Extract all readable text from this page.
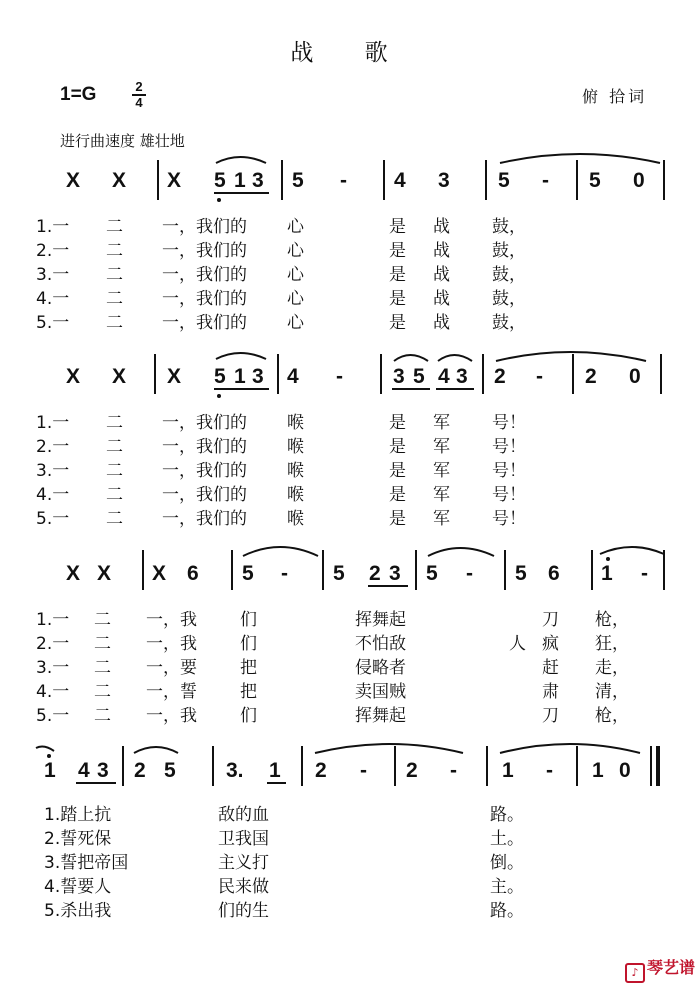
战 歌
1=G	2
4	俯 拾词
进行曲速度 雄壮地
X X X 5 1 3 5 - 4 3 5 - 5 0
1.一 二 一，我们的 心	是 战 鼓，
2.一 二 一，我们的 心	是 战 鼓，
3.一 二 一，我们的 心	是 战 鼓，
4.一 二 一，我们的 心	是 战 鼓，
5.一 二 一，我们的 心	是 战 鼓，
X X X 5 1 3 4 - 3 5 4 3 2 - 2 0
1.一 二 一，我们的 喉	是 军 号！
2.一 二 一，我们的 喉	是 军 号！
3.一 二 一，我们的 喉	是 军 号！
4.一 二 一，我们的 喉	是 军 号！
5.一 二 一，我们的 喉	是 军 号！
X X X 6 5 - 5 2 3 5 - 5 6 1 -
1.一 二 一，我	们	挥舞起	刀 枪，
2.一 二 一，我	们	不怕敌	人 疯 狂，
3.一 二 一，要	把	侵略者	赶 走，
4.一 二 一，誓	把	卖国贼	肃 清，
5.一 二 一，我	们	挥舞起	刀 枪，
1 4 3 2 5 3. 1 2 - 2 - 1 - 1 0
1.踏上抗	敌的血	路。
2.誓死保	卫我国	土。
3.誓把帝国	主义打	倒。
4.誓要人	民来做	主。
5.杀出我	们的生	路。
♪ 琴艺谱
